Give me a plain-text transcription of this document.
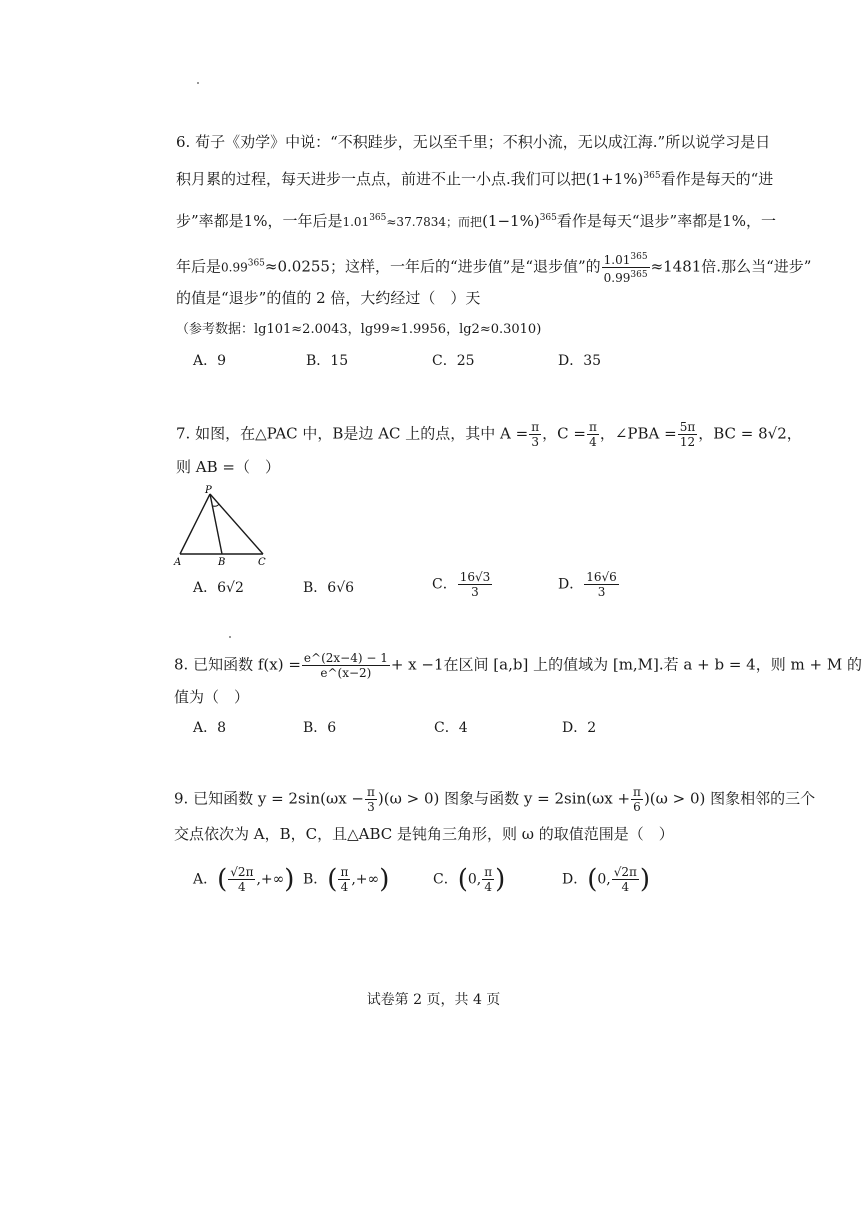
6. 荀子《劝学》中说：“不积跬步，无以至千里；不积小流，无以成江海.”所以说学习是日
积月累的过程，每天进步一点点，前进不止一小点.我们可以把$(1+1\%)^{365}$看作是每天的“进
步”率都是1%，一年后是$1.01^{365}\approx 37.7834$；而把$(1-1\%)^{365}$看作是每天“退步”率都是1%，一
年后是$0.99^{365}\approx 0.0255$；这样，一年后的“进步值”是“退步值”的 $\frac{1.01^{365}}{0.99^{365}} \approx 1481$倍.那么当“进步”
的值是“退步”的值的 2 倍，大约经过（　）天
（参考数据：lg101≈2.0043，lg99≈1.9956，lg2≈0.3010)
A．9	B．15	C．25	D．35
7. 如图，在△PAC 中，B是边 AC 上的点，其中 $A = \frac{\pi}{3}$ ，$C = \frac{\pi}{4}$ ，∠PBA = $\frac{5\pi}{12}$ ，BC = 8√2，
则 AB =（　）
P
A	B	C
A．6√2	B．6√6	C． $\frac{16√3}{3}$	D． $\frac{16√6}{3}$
8. 已知函数 $f(x) = \frac{e\^{}(2x-4) - 1}{e\^{}(x-2)} + x -1$在区间 [a,b] 上的值域为 [m,M].若 a + b = 4，则 m + M 的
值为（　）
A．8	B．6	C．4	D．2
9. 已知函数 $y = 2\sin(\omega x - \frac{\pi}{3} )(\omega > 0)$ 图象与函数 $y = 2\sin(\omega x + \frac{\pi}{6} )(\omega > 0)$ 图象相邻的三个
交点依次为 A，B，C，且△ABC 是钝角三角形，则 ω 的取值范围是（　）
A．( $\frac{√2\pi}{4}$ ,+∞) B．( $\frac{\pi}{4}$ ,+∞)	C．(0, $\frac{\pi}{4}$ )	D．(0, $\frac{√2\pi}{4}$ )
试卷第 2 页，共 4 页
